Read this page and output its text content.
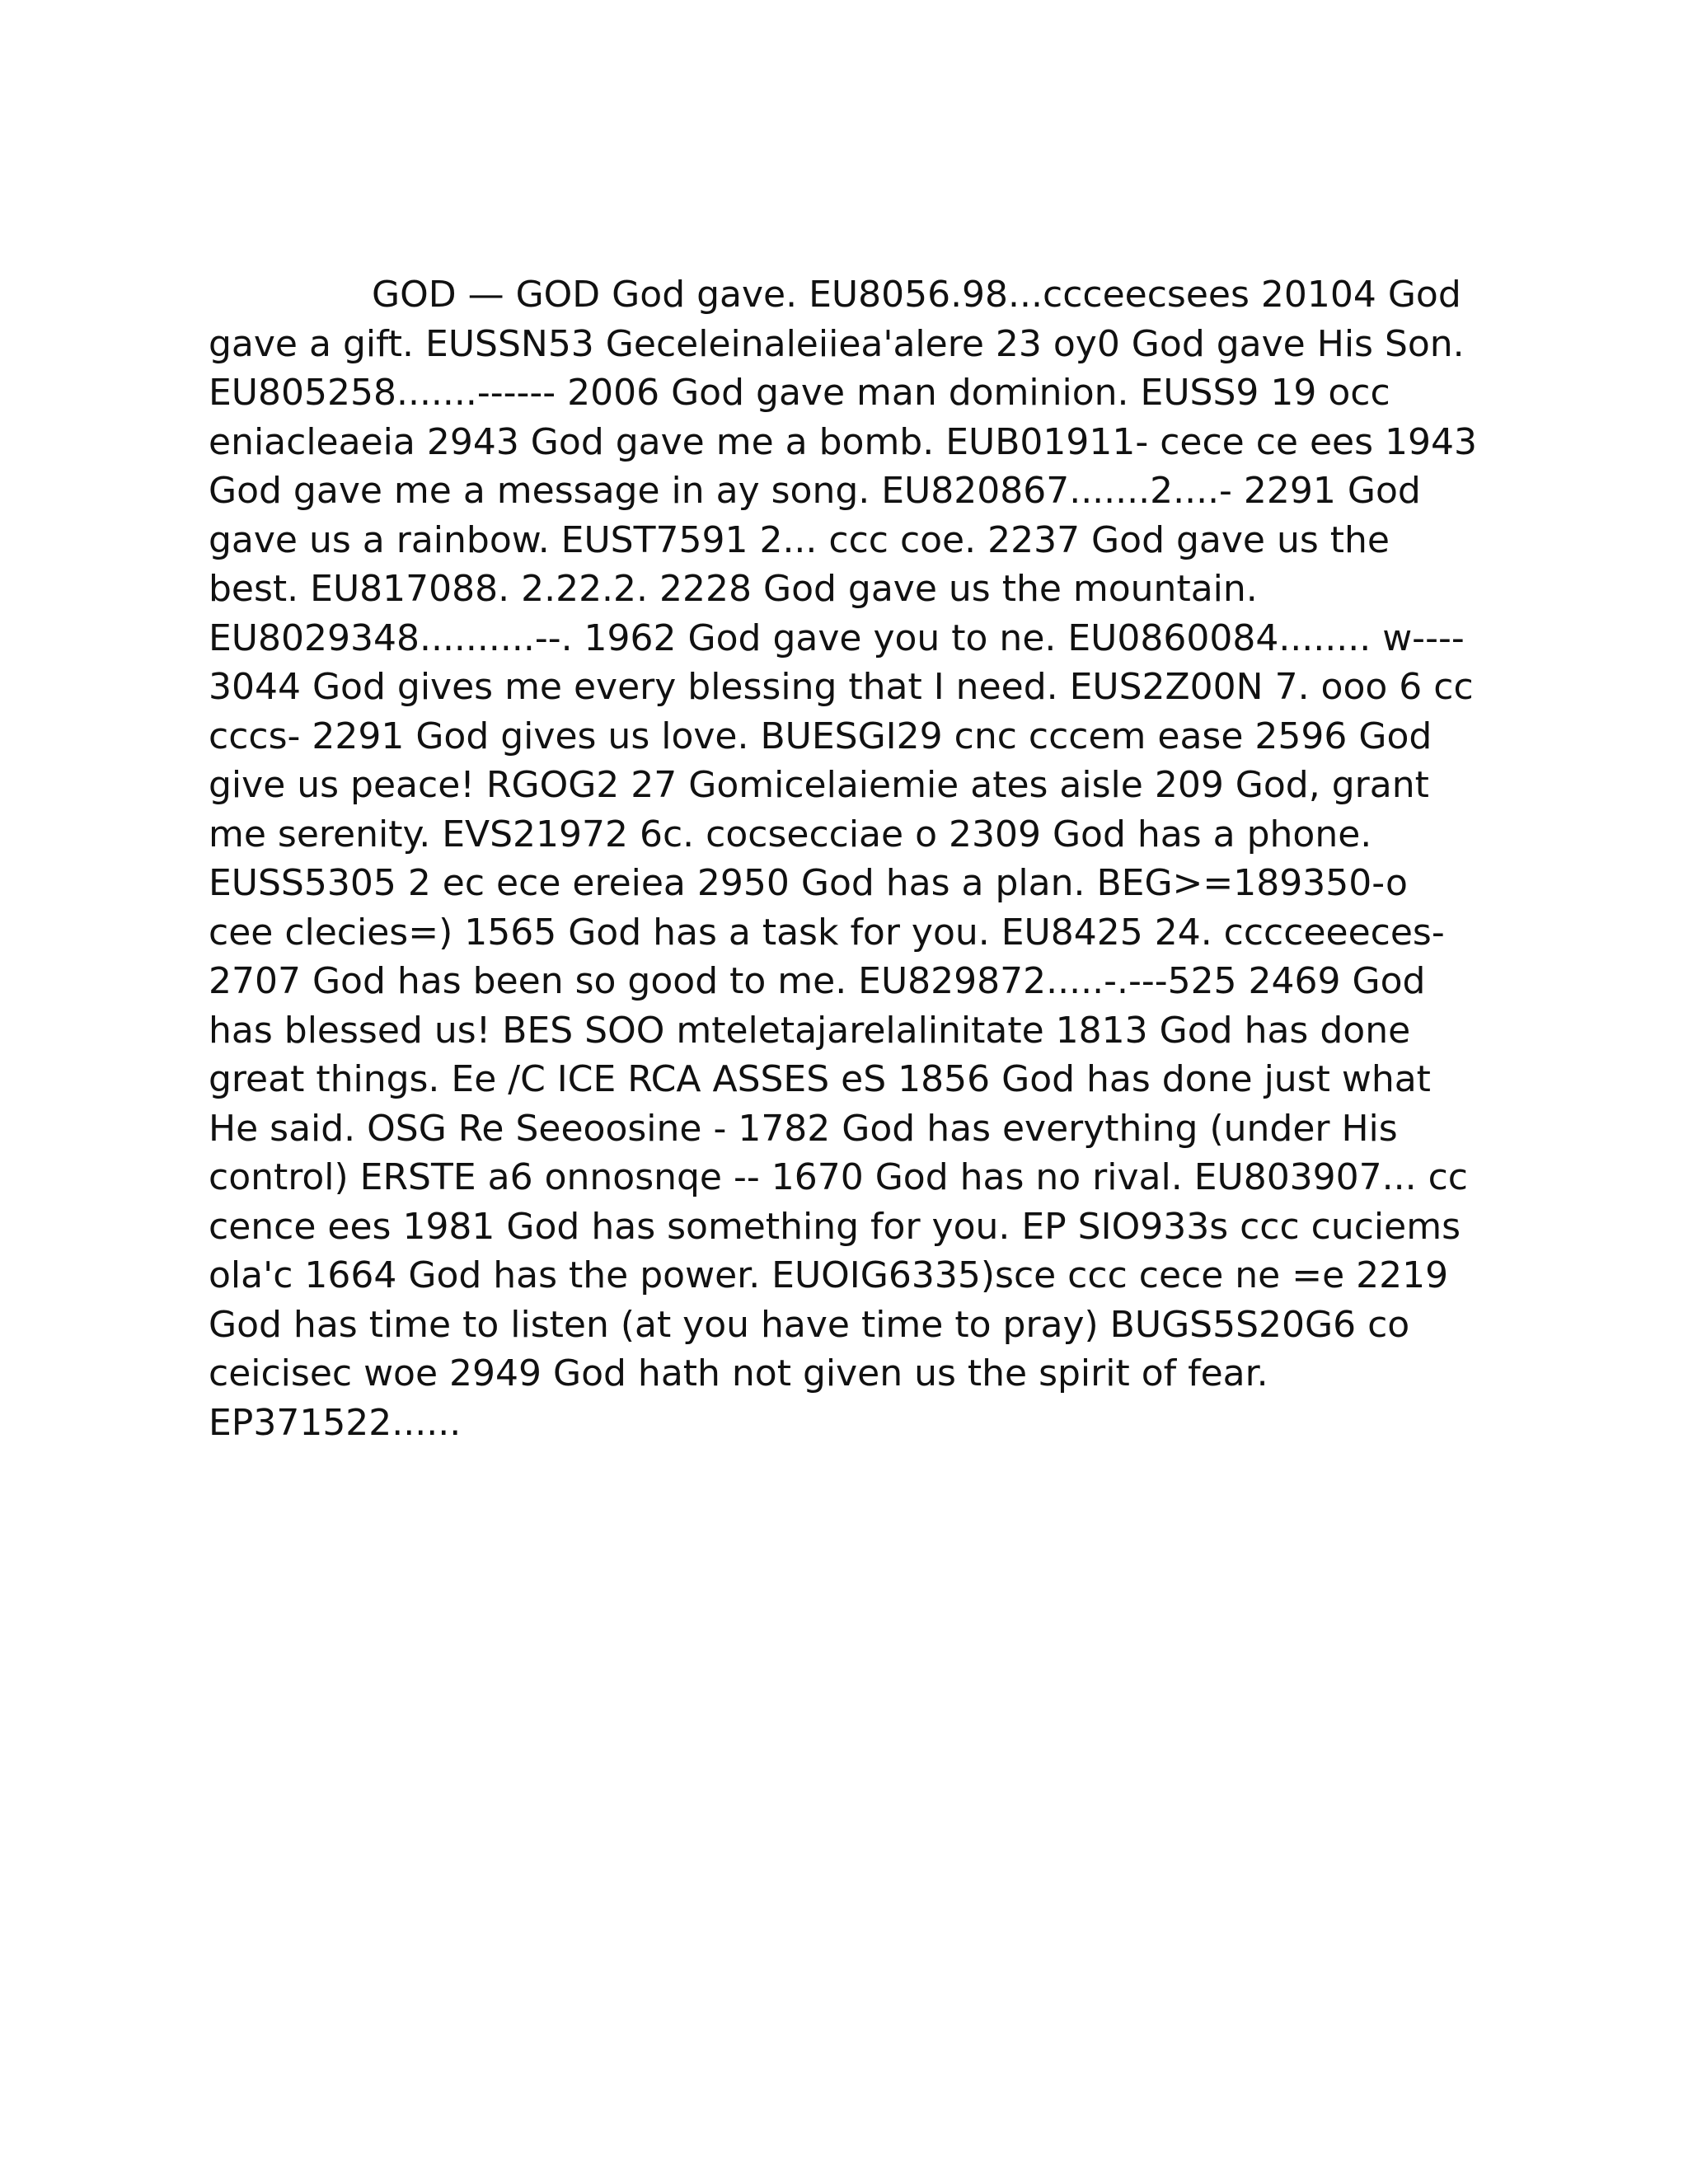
GOD — GOD God gave. EU8056.98...ccceecsees 20104 God gave a gift. EUSSN53 Geceleinaleiiea'alere 23 oy0 God gave His Son. EU805258.......------ 2006 God gave man dominion. EUSS9 19 occ eniacleaeia 2943 God gave me a bomb. EUB01911- cece ce ees 1943 God gave me a message in ay song. EU820867.......2....- 2291 God gave us a rainbow. EUST7591 2... ccc coe. 2237 God gave us the best. EU817088. 2.22.2. 2228 God gave us the mountain. EU8029348..........--. 1962 God gave you to ne. EU0860084........ w---- 3044 God gives me every blessing that I need. EUS2Z00N 7. ooo 6 cc cccs- 2291 God gives us love. BUESGI29 cnc cccem ease 2596 God give us peace! RGOG2 27 Gomicelaiemie ates aisle 209 God, grant me serenity. EVS21972 6c. cocsecciae o 2309 God has a phone. EUSS5305 2 ec ece ereiea 2950 God has a plan. BEG>=189350-o cee clecies=) 1565 God has a task for you. EU8425 24. cccceeeces- 2707 God has been so good to me. EU829872.....-.---525 2469 God has blessed us! BES SOO mteletajarelalinitate 1813 God has done great things. Ee /C ICE RCA ASSES eS 1856 God has done just what He said. OSG Re Seeoosine - 1782 God has everything (under His control) ERSTE a6 onnosnqe -- 1670 God has no rival. EU803907... cc cence ees 1981 God has something for you. EP SIO933s ccc cuciems ola'c 1664 God has the power. EUOIG6335)sce ccc cece ne =e 2219 God has time to listen (at you have time to pray) BUGS5S20G6 co ceicisec woe 2949 God hath not given us the spirit of fear. EP371522......
